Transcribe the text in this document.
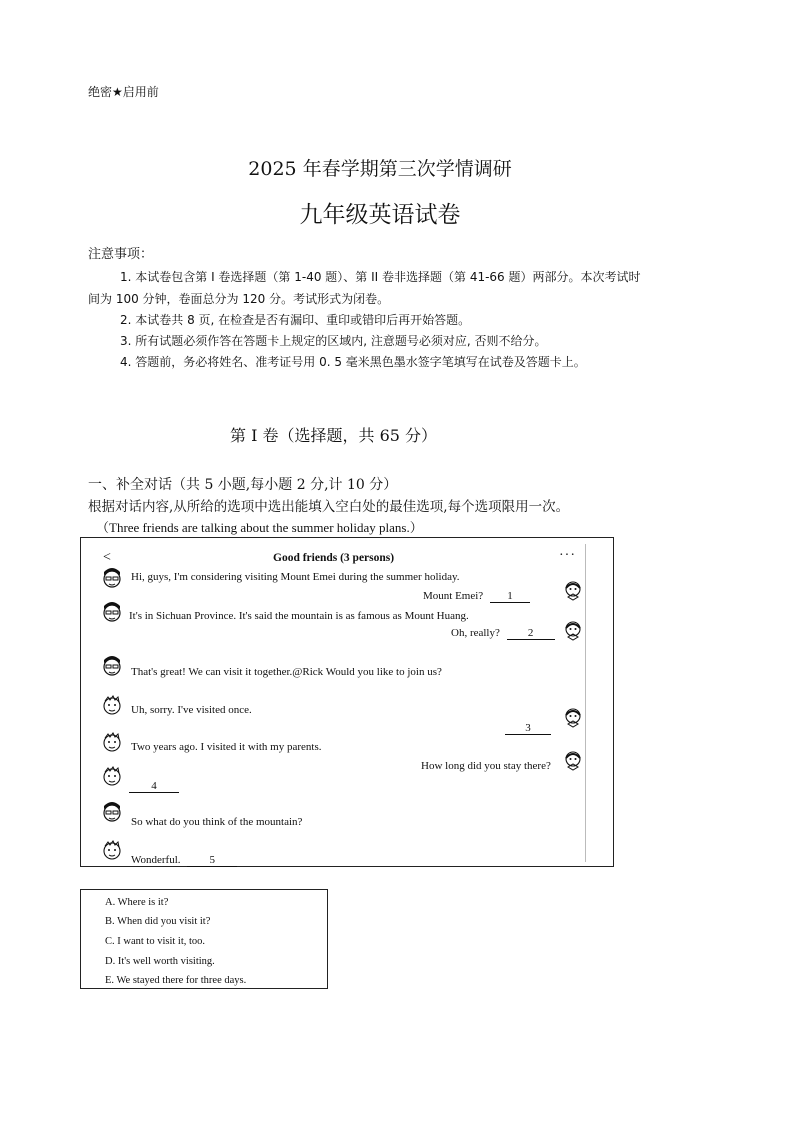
绝密★启用前
2025 年春学期第三次学情调研
九年级英语试卷
注意事项：
1. 本试卷包含第 I 卷选择题（第 1-40 题）、第 II 卷非选择题（第 41-66 题）两部分。本次考试时
间为 100 分钟，卷面总分为 120 分。考试形式为闭卷。
2. 本试卷共 8 页, 在检查是否有漏印、重印或错印后再开始答题。
3. 所有试题必须作答在答题卡上规定的区域内, 注意题号必须对应, 否则不给分。
4. 答题前，务必将姓名、准考证号用 0. 5 毫米黑色墨水签字笔填写在试卷及答题卡上。
第 I 卷（选择题，共 65 分）
一、补全对话（共 5 小题,每小题 2 分,计 10 分）
根据对话内容,从所给的选项中选出能填入空白处的最佳选项,每个选项限用一次。
（Three friends are talking about the summer holiday plans.）
<	Good friends (3 persons)	···
Hi, guys, I'm considering visiting Mount Emei during the summer holiday.
Mount Emei? 1
It's in Sichuan Province. It's said the mountain is as famous as Mount Huang.
Oh, really?	2
That's great! We can visit it together.@Rick Would you like to join us?
Uh, sorry. I've visited once.
3
Two years ago. I visited it with my parents.
How long did you stay there?
4
So what do you think of the mountain?
Wonderful.	5
A. Where is it?
B. When did you visit it?
C. I want to visit it, too.
D. It's well worth visiting.
E. We stayed there for three days.
